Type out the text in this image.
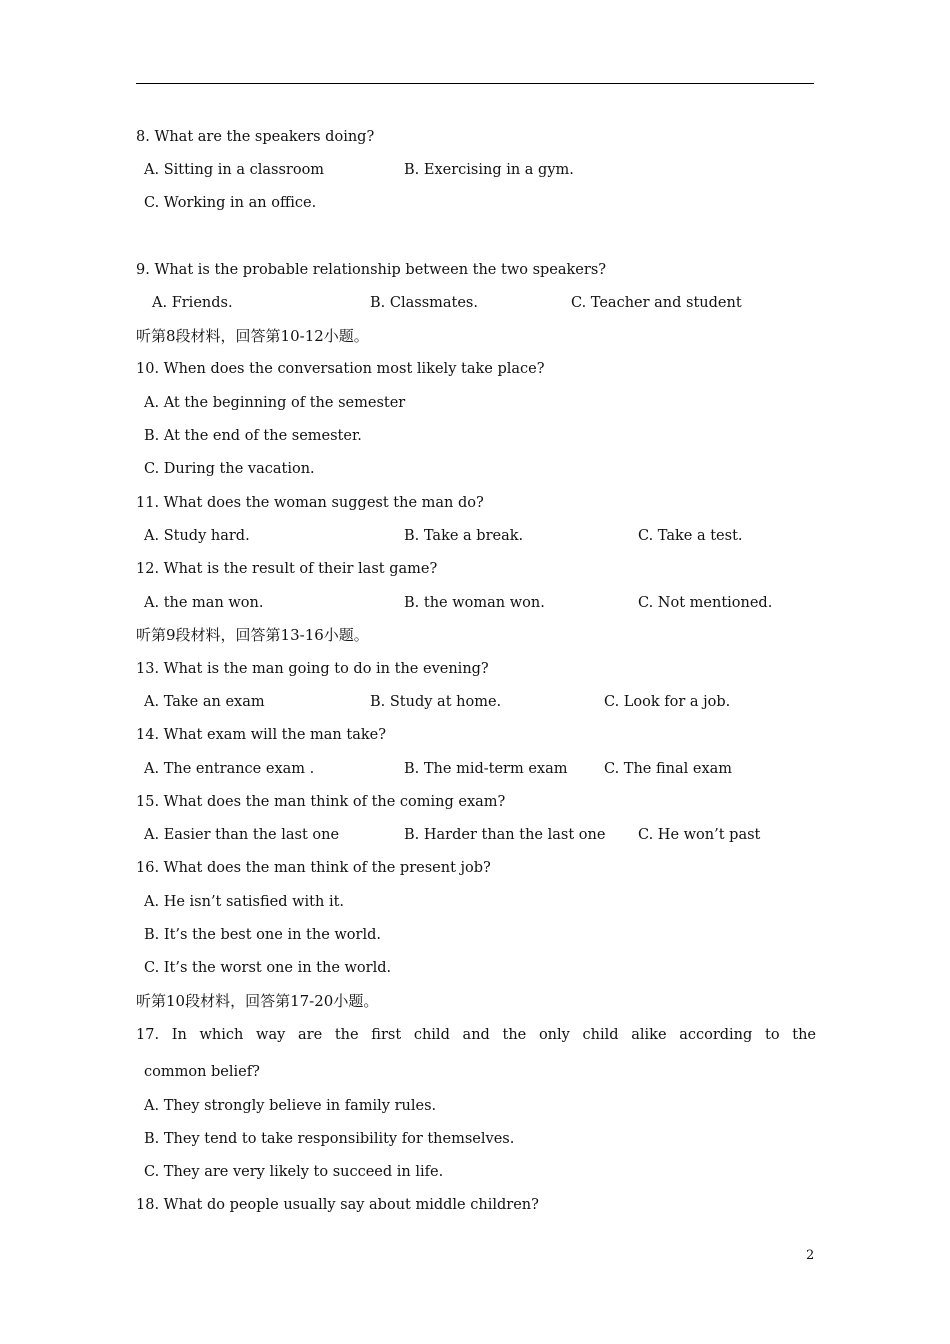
8. What are the speakers doing?
A. Sitting in a classroom	B. Exercising in a gym.
C. Working in an office.
9. What is the probable relationship between the two speakers?
A. Friends.	B. Classmates.	C. Teacher and student
听第8段材料，回答第10-12小题。
10. When does the conversation most likely take place?
A. At the beginning of the semester
B. At the end of the semester.
C. During the vacation.
11. What does the woman suggest the man do?
A. Study hard.	B. Take a break.	C. Take a test.
12. What is the result of their last game?
A. the man won.	B. the woman won.	C. Not mentioned.
听第9段材料，回答第13-16小题。
13. What is the man going to do in the evening?
A. Take an exam	B. Study at home.	C. Look for a job.
14. What exam will the man take?
A. The entrance exam .	B. The mid-term exam	C. The final exam
15. What does the man think of the coming exam?
A. Easier than the last one	B. Harder than the last one C. He won’t past
16. What does the man think of the present job?
A. He isn’t satisfied with it.
B. It’s the best one in the world.
C. It’s the worst one in the world.
听第10段材料，回答第17-20小题。
17. In which way are the first child and the only child alike according to the
common belief?
A. They strongly believe in family rules.
B. They tend to take responsibility for themselves.
C. They are very likely to succeed in life.
18. What do people usually say about middle children?
2
